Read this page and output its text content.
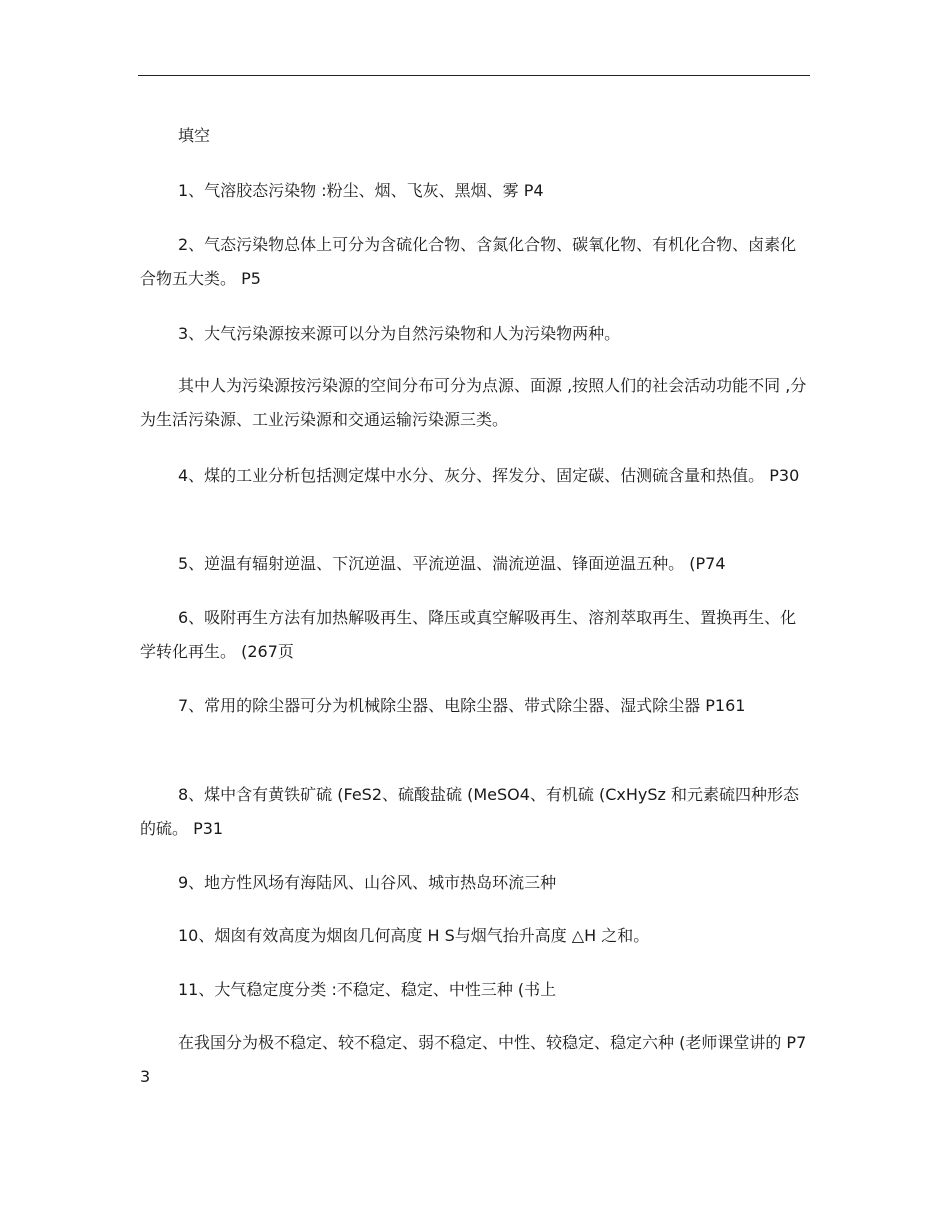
填空
1、气溶胶态污染物 :粉尘、烟、飞灰、黑烟、雾 P4
2、气态污染物总体上可分为含硫化合物、含氮化合物、碳氧化物、有机化合物、卤素化合物五大类。 P5
3、大气污染源按来源可以分为自然污染物和人为污染物两种。
其中人为污染源按污染源的空间分布可分为点源、面源 ,按照人们的社会活动功能不同 ,分为生活污染源、工业污染源和交通运输污染源三类。
4、煤的工业分析包括测定煤中水分、灰分、挥发分、固定碳、估测硫含量和热值。 P30
5、逆温有辐射逆温、下沉逆温、平流逆温、湍流逆温、锋面逆温五种。 (P74
6、吸附再生方法有加热解吸再生、降压或真空解吸再生、溶剂萃取再生、置换再生、化学转化再生。 (267页
7、常用的除尘器可分为机械除尘器、电除尘器、带式除尘器、湿式除尘器 P161
8、煤中含有黄铁矿硫 (FeS2、硫酸盐硫 (MeSO4、有机硫 (CxHySz 和元素硫四种形态的硫。 P31
9、地方性风场有海陆风、山谷风、城市热岛环流三种
10、烟囱有效高度为烟囱几何高度 H S与烟气抬升高度 △H 之和。
11、大气稳定度分类 :不稳定、稳定、中性三种 (书上
在我国分为极不稳定、较不稳定、弱不稳定、中性、较稳定、稳定六种 (老师课堂讲的 P73
